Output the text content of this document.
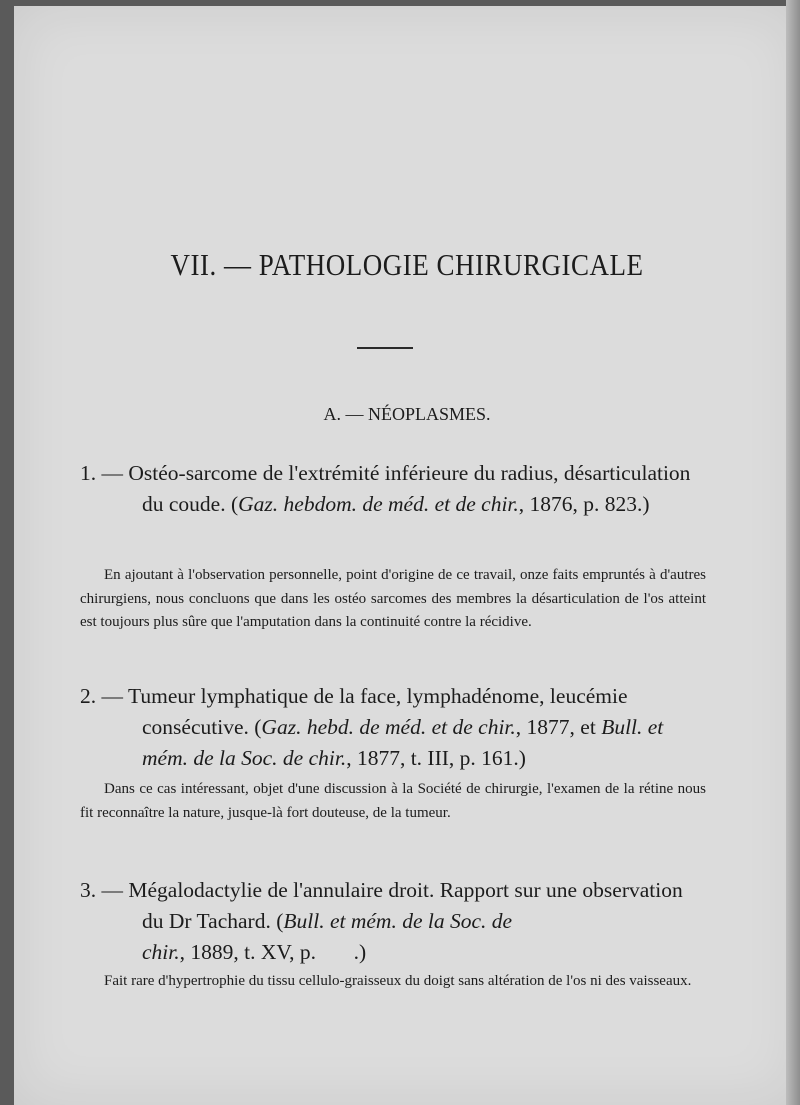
VII. — PATHOLOGIE CHIRURGICALE
A. — NÉOPLASMES.

1. — Ostéo-sarcome de l'extrémité inférieure du radius, désarticulation du coude. (Gaz. hebdom. de méd. et de chir., 1876, p. 823.)

En ajoutant à l'observation personnelle, point d'origine de ce travail, onze faits empruntés à d'autres chirurgiens, nous concluons que dans les ostéo sarcomes des membres la désarticulation de l'os atteint est toujours plus sûre que l'amputation dans la continuité contre la récidive.

2. — Tumeur lymphatique de la face, lymphadénome, leucémie consécutive. (Gaz. hebd. de méd. et de chir., 1877, et Bull. et mém. de la Soc. de chir., 1877, t. III, p. 161.)

Dans ce cas intéressant, objet d'une discussion à la Société de chirurgie, l'examen de la rétine nous fit reconnaître la nature, jusque-là fort douteuse, de la tumeur.

3. — Mégalodactylie de l'annulaire droit. Rapport sur une observation du Dr Tachard. (Bull. et mém. de la Soc. de chir., 1889, t. XV, p.       .)

Fait rare d'hypertrophie du tissu cellulo-graisseux du doigt sans altération de l'os ni des vaisseaux.
